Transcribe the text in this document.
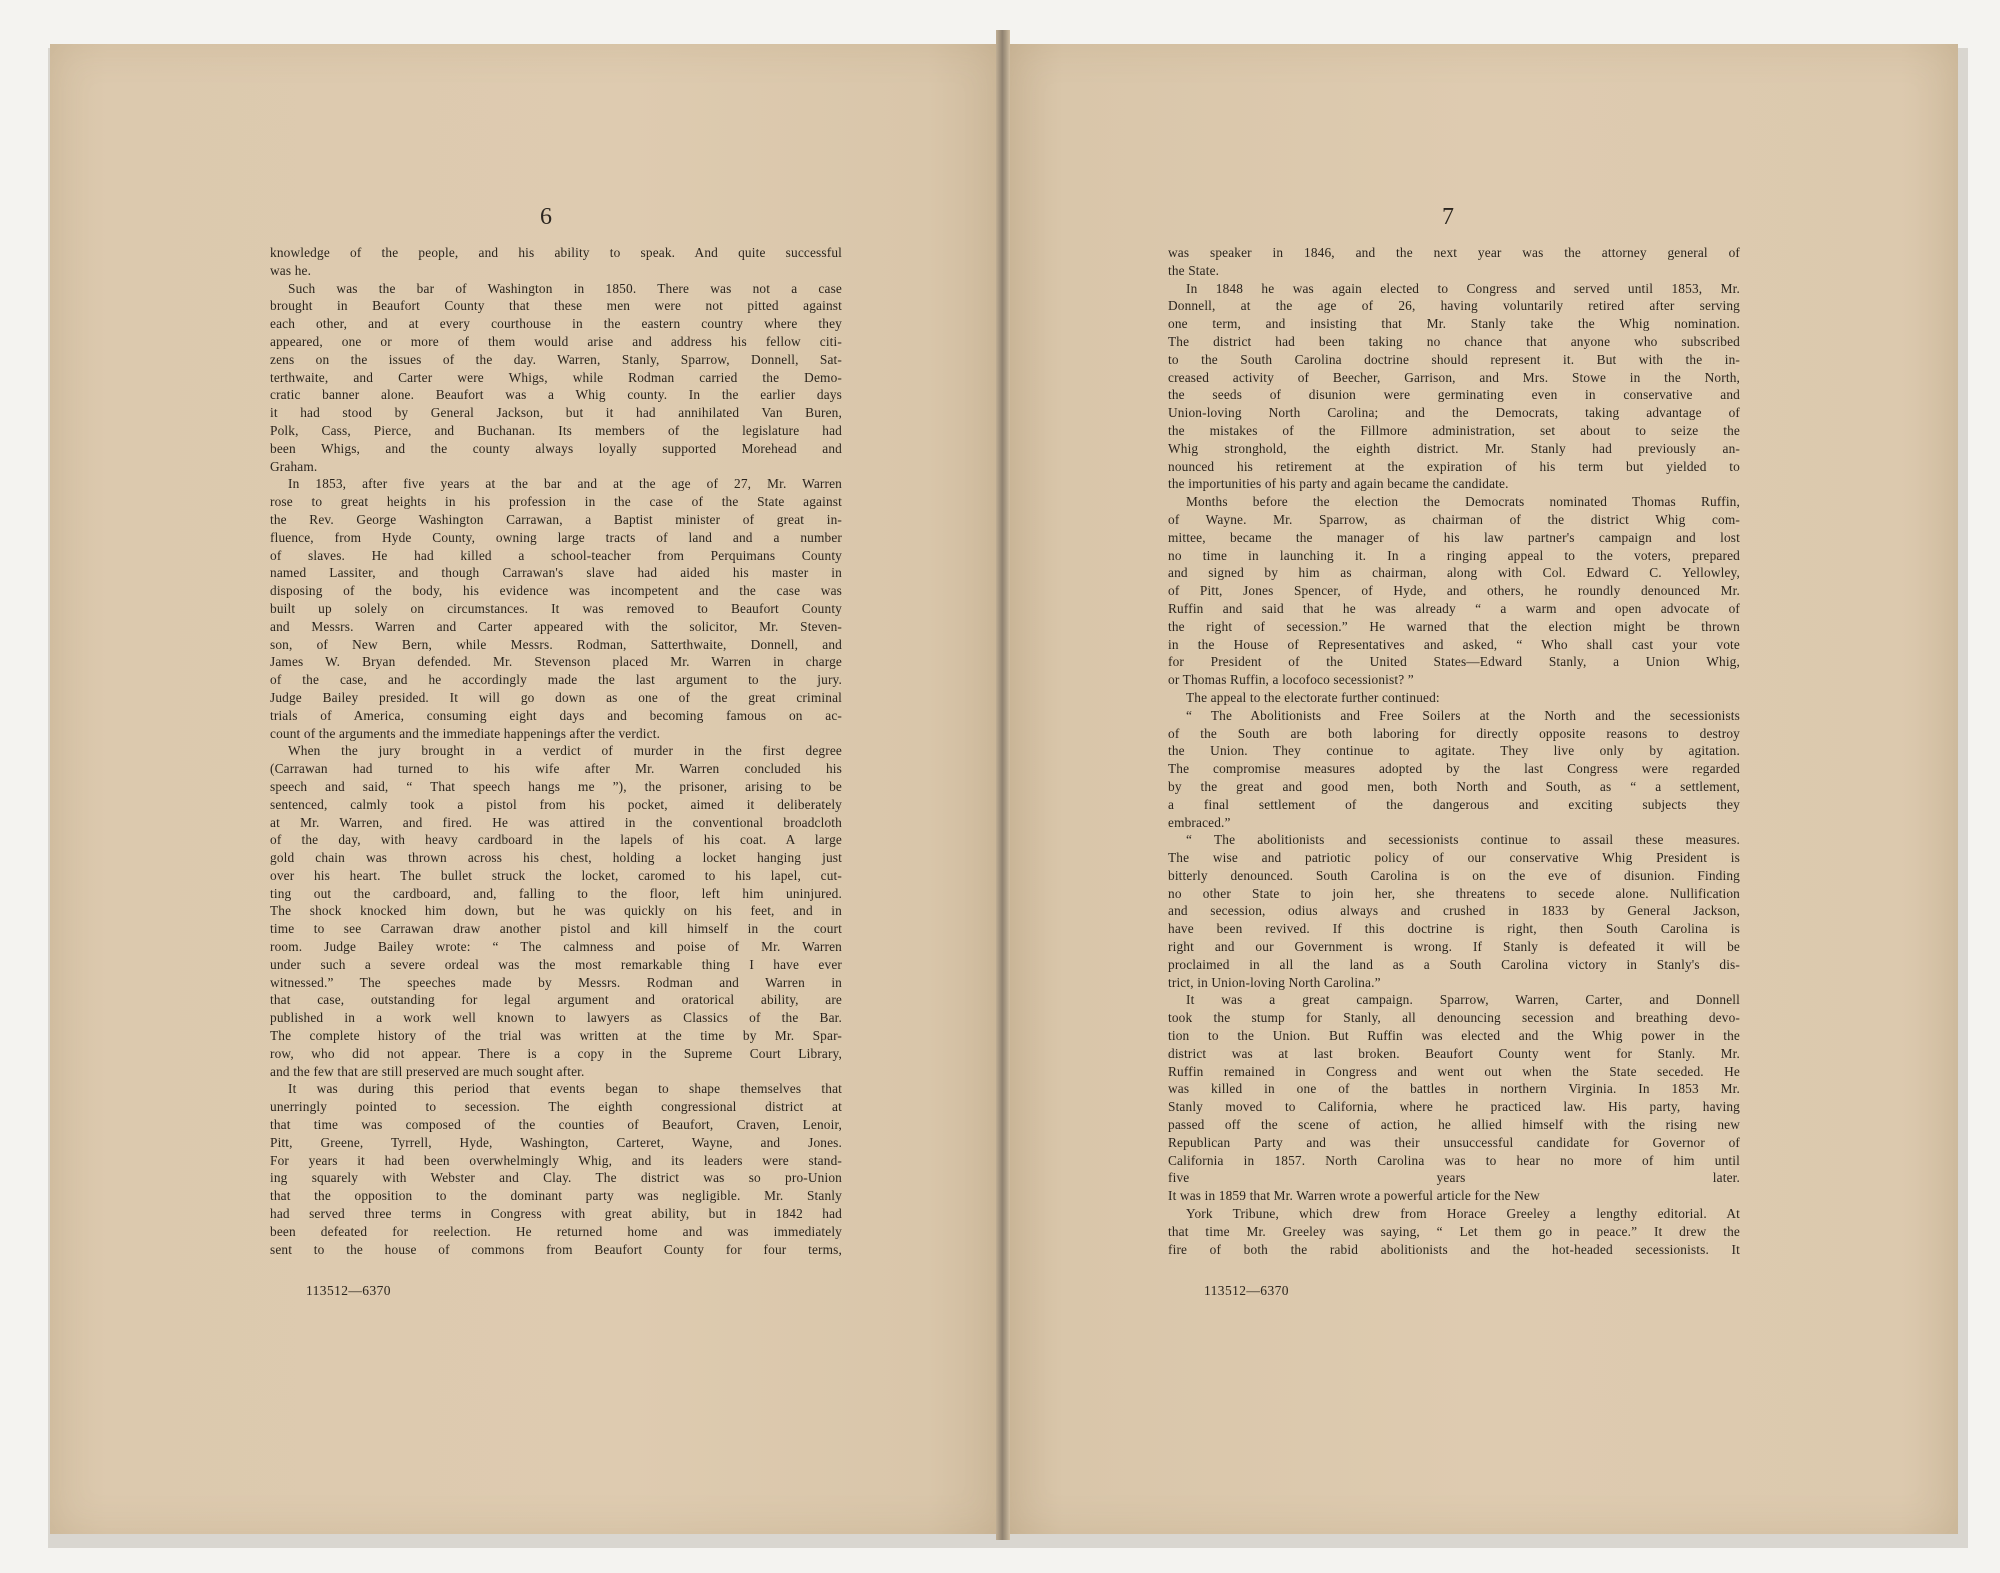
6	7
knowledge of the people, and his ability to speak. And quite successful
was he.
Such was the bar of Washington in 1850. There was not a case
brought in Beaufort County that these men were not pitted against
each other, and at every courthouse in the eastern country where they
appeared, one or more of them would arise and address his fellow citi-
zens on the issues of the day. Warren, Stanly, Sparrow, Donnell, Sat-
terthwaite, and Carter were Whigs, while Rodman carried the Demo-
cratic banner alone. Beaufort was a Whig county. In the earlier days
it had stood by General Jackson, but it had annihilated Van Buren,
Polk, Cass, Pierce, and Buchanan. Its members of the legislature had
been Whigs, and the county always loyally supported Morehead and
Graham.
In 1853, after five years at the bar and at the age of 27, Mr. Warren
rose to great heights in his profession in the case of the State against
the Rev. George Washington Carrawan, a Baptist minister of great in-
fluence, from Hyde County, owning large tracts of land and a number
of slaves. He had killed a school-teacher from Perquimans County
named Lassiter, and though Carrawan's slave had aided his master in
disposing of the body, his evidence was incompetent and the case was
built up solely on circumstances. It was removed to Beaufort County
and Messrs. Warren and Carter appeared with the solicitor, Mr. Steven-
son, of New Bern, while Messrs. Rodman, Satterthwaite, Donnell, and
James W. Bryan defended. Mr. Stevenson placed Mr. Warren in charge
of the case, and he accordingly made the last argument to the jury.
Judge Bailey presided. It will go down as one of the great criminal
trials of America, consuming eight days and becoming famous on ac-
count of the arguments and the immediate happenings after the verdict.
When the jury brought in a verdict of murder in the first degree
(Carrawan had turned to his wife after Mr. Warren concluded his
speech and said, “ That speech hangs me ”), the prisoner, arising to be
sentenced, calmly took a pistol from his pocket, aimed it deliberately
at Mr. Warren, and fired. He was attired in the conventional broadcloth
of the day, with heavy cardboard in the lapels of his coat. A large
gold chain was thrown across his chest, holding a locket hanging just
over his heart. The bullet struck the locket, caromed to his lapel, cut-
ting out the cardboard, and, falling to the floor, left him uninjured.
The shock knocked him down, but he was quickly on his feet, and in
time to see Carrawan draw another pistol and kill himself in the court
room. Judge Bailey wrote: “ The calmness and poise of Mr. Warren
under such a severe ordeal was the most remarkable thing I have ever
witnessed.” The speeches made by Messrs. Rodman and Warren in
that case, outstanding for legal argument and oratorical ability, are
published in a work well known to lawyers as Classics of the Bar.
The complete history of the trial was written at the time by Mr. Spar-
row, who did not appear. There is a copy in the Supreme Court Library,
and the few that are still preserved are much sought after.
It was during this period that events began to shape themselves that
unerringly pointed to secession. The eighth congressional district at
that time was composed of the counties of Beaufort, Craven, Lenoir,
Pitt, Greene, Tyrrell, Hyde, Washington, Carteret, Wayne, and Jones.
For years it had been overwhelmingly Whig, and its leaders were stand-
ing squarely with Webster and Clay. The district was so pro-Union
that the opposition to the dominant party was negligible. Mr. Stanly
had served three terms in Congress with great ability, but in 1842 had
been defeated for reelection. He returned home and was immediately
sent to the house of commons from Beaufort County for four terms,
was speaker in 1846, and the next year was the attorney general of
the State.
In 1848 he was again elected to Congress and served until 1853, Mr.
Donnell, at the age of 26, having voluntarily retired after serving
one term, and insisting that Mr. Stanly take the Whig nomination.
The district had been taking no chance that anyone who subscribed
to the South Carolina doctrine should represent it. But with the in-
creased activity of Beecher, Garrison, and Mrs. Stowe in the North,
the seeds of disunion were germinating even in conservative and
Union-loving North Carolina; and the Democrats, taking advantage of
the mistakes of the Fillmore administration, set about to seize the
Whig stronghold, the eighth district. Mr. Stanly had previously an-
nounced his retirement at the expiration of his term but yielded to
the importunities of his party and again became the candidate.
Months before the election the Democrats nominated Thomas Ruffin,
of Wayne. Mr. Sparrow, as chairman of the district Whig com-
mittee, became the manager of his law partner's campaign and lost
no time in launching it. In a ringing appeal to the voters, prepared
and signed by him as chairman, along with Col. Edward C. Yellowley,
of Pitt, Jones Spencer, of Hyde, and others, he roundly denounced Mr.
Ruffin and said that he was already “ a warm and open advocate of
the right of secession.” He warned that the election might be thrown
in the House of Representatives and asked, “ Who shall cast your vote
for President of the United States—Edward Stanly, a Union Whig,
or Thomas Ruffin, a locofoco secessionist? ”
The appeal to the electorate further continued:
“ The Abolitionists and Free Soilers at the North and the secessionists
of the South are both laboring for directly opposite reasons to destroy
the Union. They continue to agitate. They live only by agitation.
The compromise measures adopted by the last Congress were regarded
by the great and good men, both North and South, as “ a settlement,
a final settlement of the dangerous and exciting subjects they
embraced.”
“ The abolitionists and secessionists continue to assail these measures.
The wise and patriotic policy of our conservative Whig President is
bitterly denounced. South Carolina is on the eve of disunion. Finding
no other State to join her, she threatens to secede alone. Nullification
and secession, odius always and crushed in 1833 by General Jackson,
have been revived. If this doctrine is right, then South Carolina is
right and our Government is wrong. If Stanly is defeated it will be
proclaimed in all the land as a South Carolina victory in Stanly's dis-
trict, in Union-loving North Carolina.”
It was a great campaign. Sparrow, Warren, Carter, and Donnell
took the stump for Stanly, all denouncing secession and breathing devo-
tion to the Union. But Ruffin was elected and the Whig power in the
district was at last broken. Beaufort County went for Stanly. Mr.
Ruffin remained in Congress and went out when the State seceded. He
was killed in one of the battles in northern Virginia. In 1853 Mr.
Stanly moved to California, where he practiced law. His party, having
passed off the scene of action, he allied himself with the rising new
Republican Party and was their unsuccessful candidate for Governor of
California in 1857. North Carolina was to hear no more of him until
five years later.
It was in 1859 that Mr. Warren wrote a powerful article for the New
York Tribune, which drew from Horace Greeley a lengthy editorial. At
that time Mr. Greeley was saying, “ Let them go in peace.” It drew the
fire of both the rabid abolitionists and the hot-headed secessionists. It
113512—6370	113512—6370
